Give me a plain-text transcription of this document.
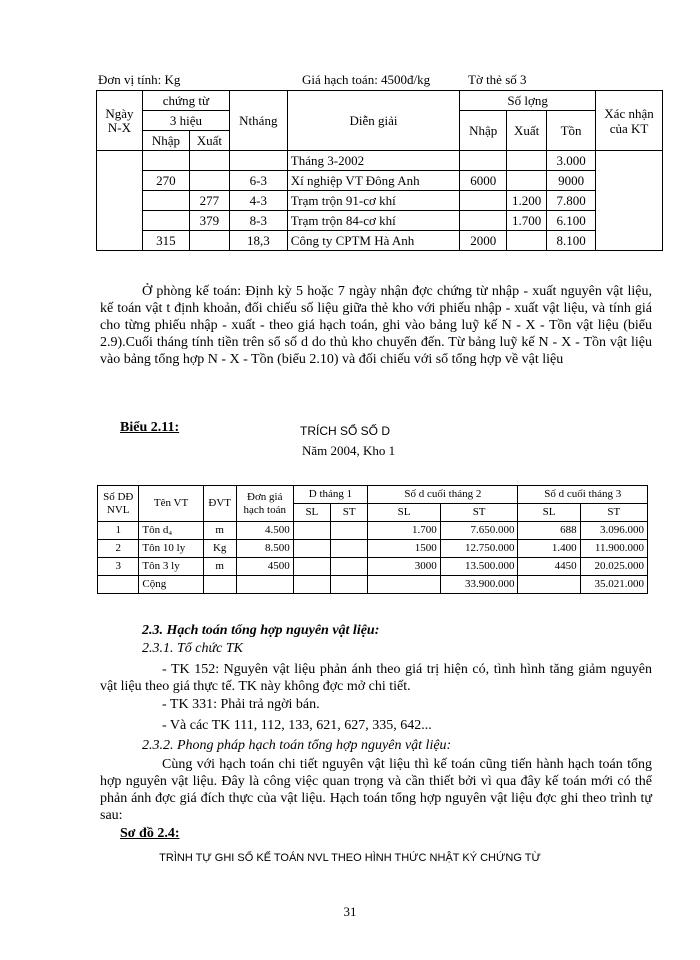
Đơn vị tính: Kg	Giá hạch toán: 4500đ/kg	Tờ thẻ số 3
Ngày N-X	chứng từ		Ntháng	Diễn giải	Số lợng			Xác nhận của KT
	3 hiệu				Nhập	Xuất	Tồn	
	Nhập	Xuất						
				Tháng 3-2002			3.000	
	270		6-3	Xí nghiệp VT Đông Anh	6000		9000	
		277	4-3	Trạm trộn 91-cơ khí		1.200	7.800	
		379	8-3	Trạm trộn 84-cơ khí		1.700	6.100	
	315		18,3	Công ty CPTM Hà Anh	2000		8.100	

Ở phòng kế toán: Định kỳ 5 hoặc 7 ngày nhận đợc chứng từ nhập - xuất nguyên vật liệu, kế toán vật t định khoản, đối chiếu số liệu giữa thẻ kho với phiếu nhập - xuất vật liệu, và tính giá cho từng phiếu nhập - xuất - theo giá hạch toán, ghi vào bảng luỹ kế N - X - Tồn vật liệu (biểu 2.9).Cuối tháng tính tiền trên sổ số d do thủ kho chuyển đến. Từ bảng luỹ kế N - X - Tồn vật liệu vào bảng tổng hợp N - X - Tồn (biểu 2.10) và đối chiếu với sổ tổng hợp về vật liệu

Biểu 2.11:	TRÍCH SỔ SỐ D
Năm 2004, Kho 1
Sổ DĐ NVL	Tên VT	ĐVT	Đơn giá hạch toán	D tháng 1		Số d cuối tháng 2		Số d cuối tháng 3	
				SL	ST	SL	ST	SL	ST
1	Tôn d₄	m	4.500			1.700	7.650.000	688	3.096.000
2	Tôn 10 ly	Kg	8.500			1500	12.750.000	1.400	11.900.000
3	Tôn 3 ly	m	4500			3000	13.500.000	4450	20.025.000
	Cộng						33.900.000		35.021.000
2.3. Hạch toán tổng hợp nguyên vật liệu:
2.3.1. Tổ chức TK

- TK 152: Nguyên vật liệu phản ánh theo giá trị hiện có, tình hình tăng giảm nguyên vật liệu theo giá thực tế. TK này không đợc mở chi tiết.

- TK 331: Phải trả ngời bán.
- Và các TK 111, 112, 133, 621, 627, 335, 642...
2.3.2. Phong pháp hạch toán tổng hợp nguyên vật liệu:

Cùng với hạch toán chi tiết nguyên vật liệu thì kế toán cũng tiến hành hạch toán tổng hợp nguyên vật liệu. Đây là công việc quan trọng và cần thiết bởi vì qua đây kế toán mới có thể phản ánh đợc giá đích thực của vật liệu. Hạch toán tổng hợp nguyên vật liệu đợc ghi theo trình tự sau:

Sơ đồ 2.4:
TRÌNH TỰ GHI SỔ KẾ TOÁN NVL THEO HÌNH THỨC NHẬT KÝ CHỨNG TỪ
31
